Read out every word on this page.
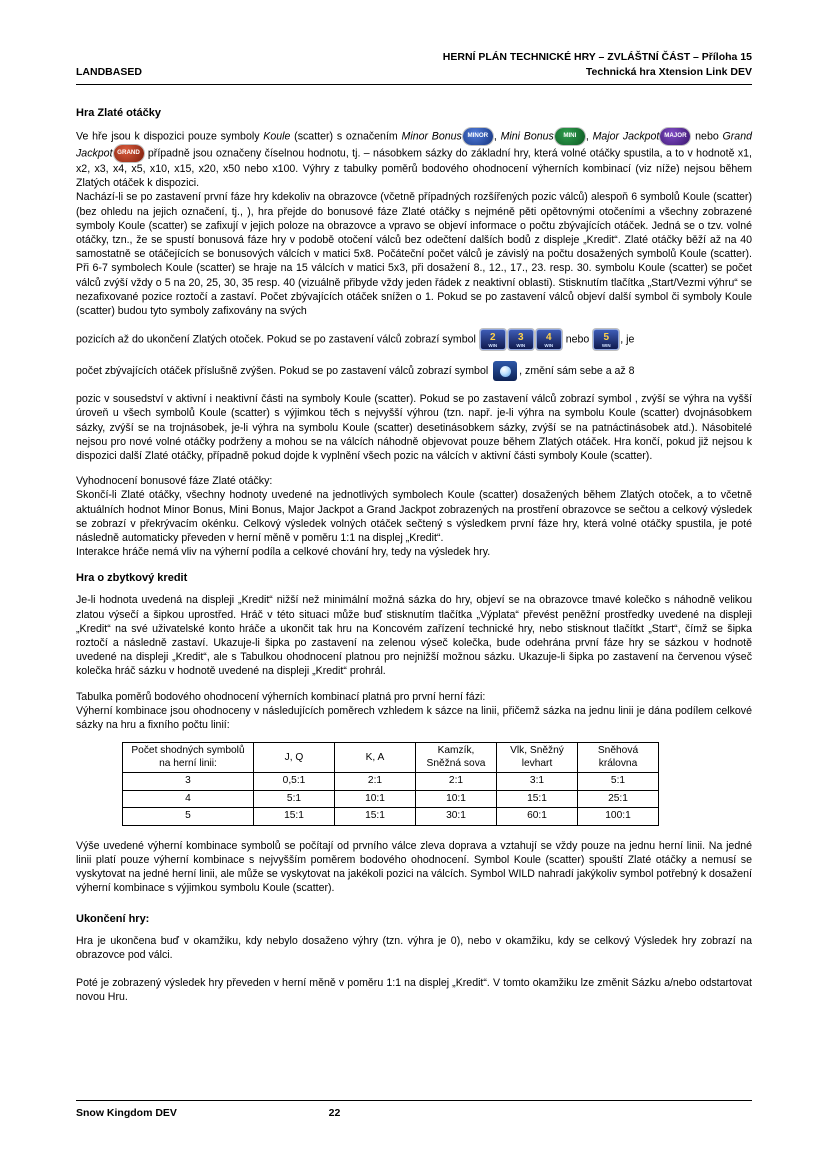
HERNÍ PLÁN TECHNICKÉ HRY – ZVLÁŠTNÍ ČÁST – Příloha 15
LANDBASED	Technická hra Xtension Link DEV
Hra Zlaté otáčky

Ve hře jsou k dispozici pouze symboly Koule (scatter) s označením Minor Bonus MINOR , Mini Bonus MINI , Major Jackpot MAJOR nebo Grand Jackpot GRAND případně jsou označeny číselnou hodnotu, tj. – násobkem sázky do základní hry, která volné otáčky spustila, a to v hodnotě x1, x2, x3, x4, x5, x10, x15, x20, x50 nebo x100. Výhry z tabulky poměrů bodového ohodnocení výherních kombinací (viz níže) nejsou během Zlatých otáček k dispozici.

Nachází-li se po zastavení první fáze hry kdekoliv na obrazovce (včetně případných rozšířených pozic válců) alespoň 6 symbolů Koule (scatter) (bez ohledu na jejich označení, tj., ), hra přejde do bonusové fáze Zlaté otáčky s nejméně pěti opětovnými otočeními a všechny zobrazené symboly Koule (scatter) se zafixují v jejich poloze na obrazovce a vpravo se objeví informace o počtu zbývajících otáček. Jedná se o tzv. volné otáčky, tzn., že se spustí bonusová fáze hry v podobě otočení válců bez odečtení dalších bodů z displeje „Kredit“. Zlaté otáčky běží až na 40 samostatně se otáčejících se bonusových válcích v matici 5x8. Počáteční počet válců je závislý na počtu dosažených symbolů Koule (scatter). Při 6-7 symbolech Koule (scatter) se hraje na 15 válcích v matici 5x3, při dosažení 8., 12., 17., 23. resp. 30. symbolu Koule (scatter) se počet válců zvýší vždy o 5 na 20, 25, 30, 35 resp. 40 (vizuálně přibyde vždy jeden řádek z neaktivní oblasti). Stisknutím tlačítka „Start/Vezmi výhru“ se nezafixované pozice roztočí a zastaví. Počet zbývajících otáček snížen o 1. Pokud se po zastavení válců objeví další symbol či symboly Koule (scatter) budou tyto symboly zafixovány na svých

pozicích až do ukončení Zlatých otoček. Pokud se po zastavení válců zobrazí symbol	2
WIN
3
WIN
4
WIN
nebo	5
WIN
, je

počet zbývajících otáček příslušně zvýšen. Pokud se po zastavení válců zobrazí symbol	, změní sám sebe a až 8

pozic v sousedství v aktivní i neaktivní části na symboly Koule (scatter). Pokud se po zastavení válců zobrazí symbol , zvýší se výhra na vyšší úroveň u všech symbolů Koule (scatter) s výjimkou těch s nejvyšší výhrou (tzn. např. je-li výhra na symbolu Koule (scatter) dvojnásobkem sázky, zvýší se na trojnásobek, je-li výhra na symbolu Koule (scatter) desetinásobkem sázky, zvýší se na patnáctinásobek atd.). Násobitelé nejsou pro nové volné otáčky podrženy a mohou se na válcích náhodně objevovat pouze během Zlatých otáček. Hra končí, pokud již nejsou k dispozici další Zlaté otáčky, případně pokud dojde k vyplnění všech pozic na válcích v aktivní části symboly Koule (scatter).

Vyhodnocení bonusové fáze Zlaté otáčky:

Skončí-li Zlaté otáčky, všechny hodnoty uvedené na jednotlivých symbolech Koule (scatter) dosažených během Zlatých otoček, a to včetně aktuálních hodnot Minor Bonus, Mini Bonus, Major Jackpot a Grand Jackpot zobrazených na prostření obrazovce se sečtou a celkový výsledek se zobrazí v překrývacím okénku. Celkový výsledek volných otáček sečtený s výsledkem první fáze hry, která volné otáčky spustila, je poté následně automaticky převeden v herní měně v poměru 1:1 na displej „Kredit“.

Interakce hráče nemá vliv na výherní podíla a celkové chování hry, tedy na výsledek hry.

Hra o zbytkový kredit

Je-li hodnota uvedená na displeji „Kredit“ nižší než minimální možná sázka do hry, objeví se na obrazovce tmavé kolečko s náhodně velikou zlatou výsečí a šipkou uprostřed. Hráč v této situaci může buď stisknutím tlačítka „Výplata“ převést peněžní prostředky uvedené na displeji „Kredit“ na své uživatelské konto hráče a ukončit tak hru na Koncovém zařízení technické hry, nebo stisknout tlačítkt „Start“, čímž se šipka roztočí a následně zastaví. Ukazuje-li šipka po zastavení na zelenou výseč kolečka, bude odehrána první fáze hry se sázkou v hodnotě uvedené na displeji „Kredit“, ale s Tabulkou ohodnocení platnou pro nejnižší možnou sázku. Ukazuje-li šipka po zastavení na červenou výseč kolečka hráč sázku v hodnotě uvedené na displeji „Kredit“ prohrál.

Tabulka poměrů bodového ohodnocení výherních kombinací platná pro první herní fázi:

Výherní kombinace jsou ohodnoceny v následujících poměrech vzhledem k sázce na linii, přičemž sázka na jednu linii je dána podílem celkové sázky na hru a fixního počtu linií:

Počet shodných symbolů na herní linii:	J, Q	K, A	Kamzík, Sněžná sova	Vlk, Sněžný levhart	Sněhová královna
3	0,5:1	2:1	2:1	3:1	5:1
4	5:1	10:1	10:1	15:1	25:1
5	15:1	15:1	30:1	60:1	100:1

Výše uvedené výherní kombinace symbolů se počítají od prvního válce zleva doprava a vztahují se vždy pouze na jednu herní linii. Na jedné linii platí pouze výherní kombinace s nejvyšším poměrem bodového ohodnocení. Symbol Koule (scatter) spouští Zlaté otáčky a nemusí se vyskytovat na jedné herní linii, ale může se vyskytovat na jakékoli pozici na válcích. Symbol WILD nahradí jakýkoliv symbol potřebný k dosažení výherní kombinace s výjimkou symbolu Koule (scatter).

Ukončení hry:

Hra je ukončena buď v okamžiku, kdy nebylo dosaženo výhry (tzn. výhra je 0), nebo v okamžiku, kdy se celkový Výsledek hry zobrazí na obrazovce pod válci.

Poté je zobrazený výsledek hry převeden v herní měně v poměru 1:1 na displej „Kredit“. V tomto okamžiku lze změnit Sázku a/nebo odstartovat novou Hru.

Snow Kingdom DEV	22
